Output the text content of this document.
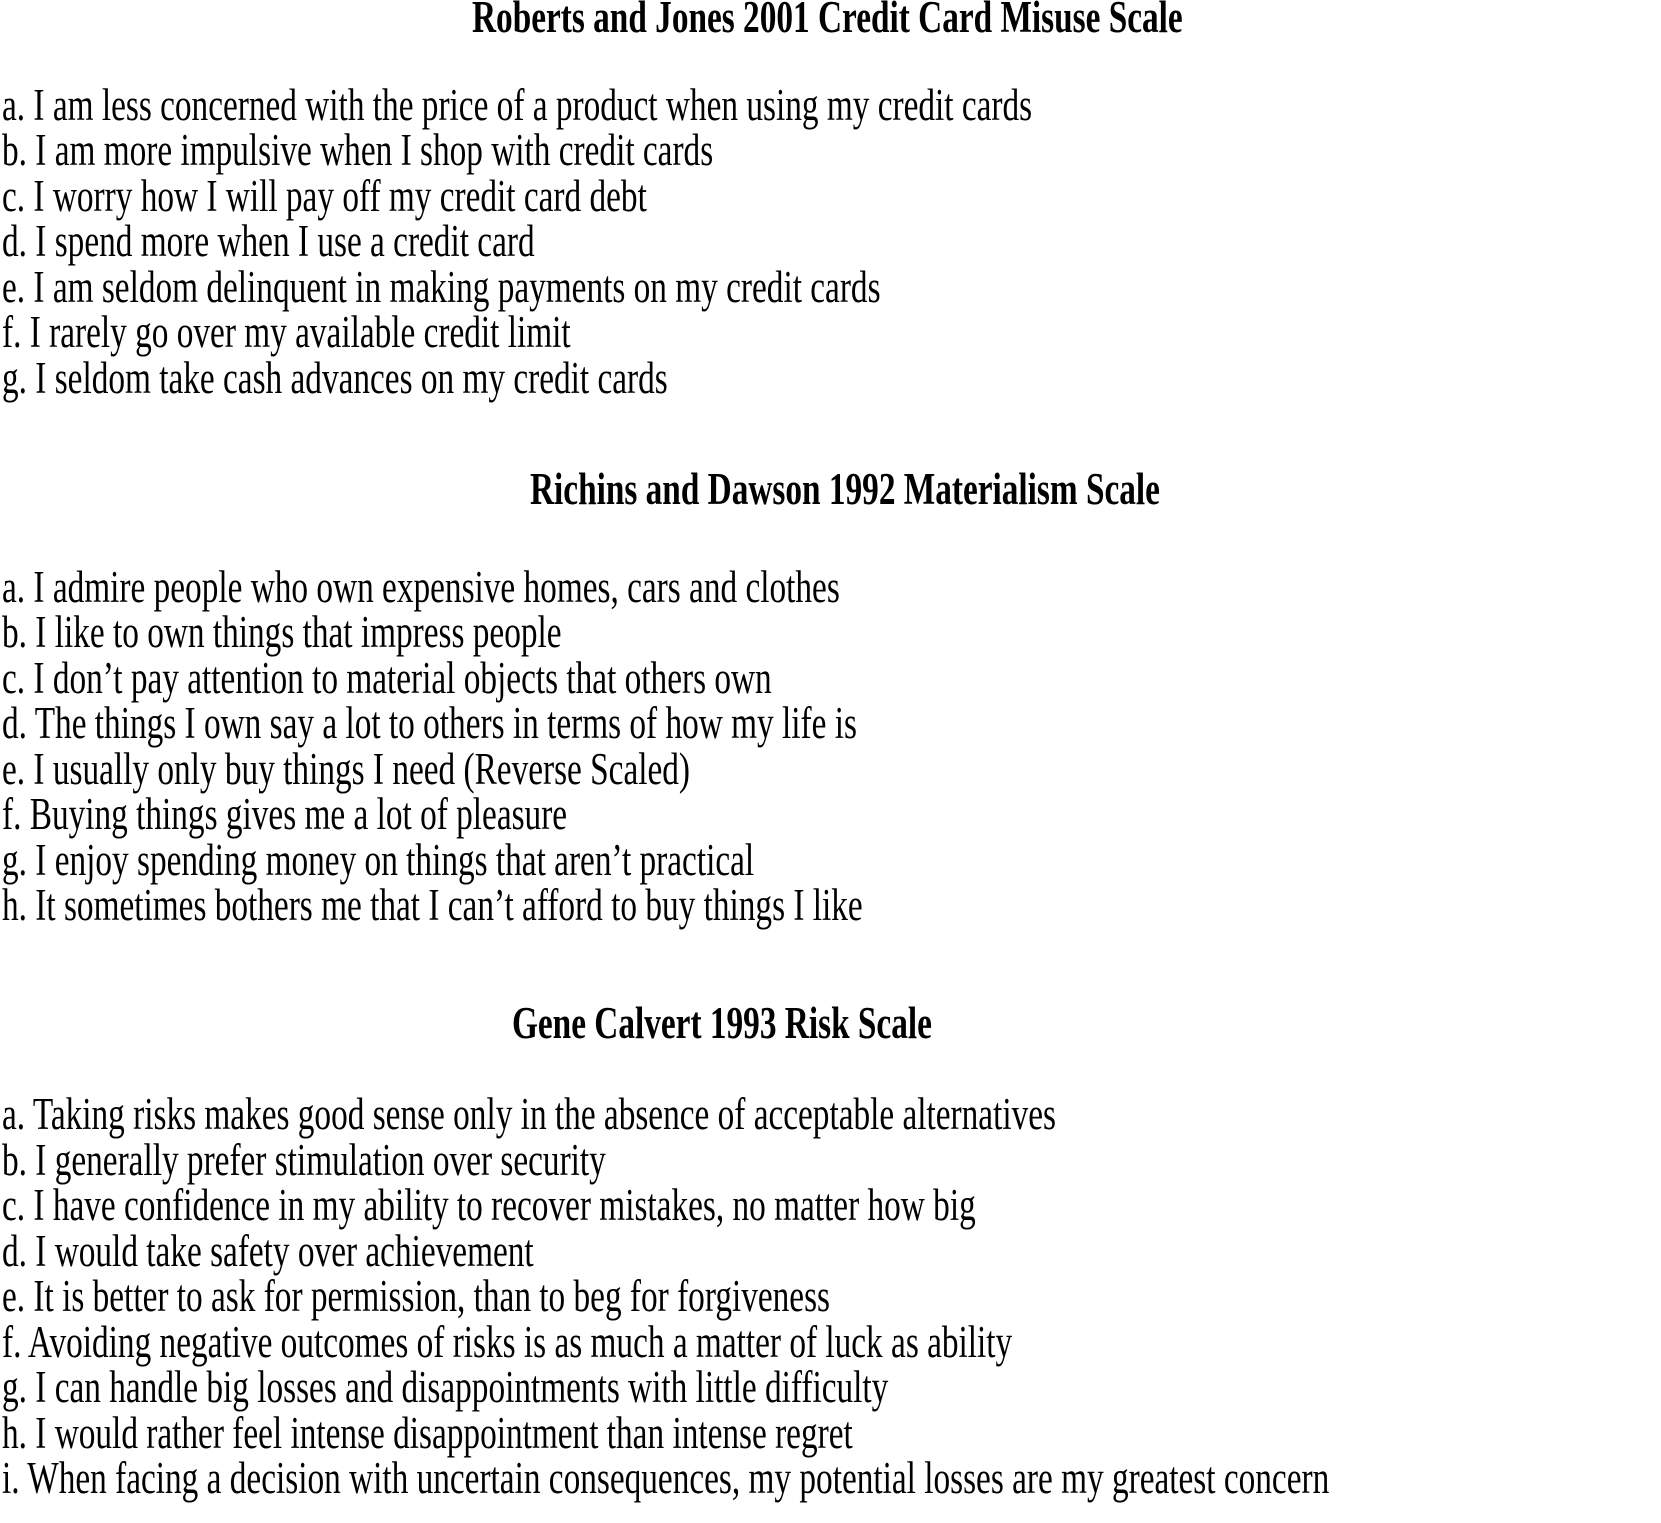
Roberts and Jones 2001 Credit Card Misuse Scale

a. I am less concerned with the price of a product when using my credit cards

b. I am more impulsive when I shop with credit cards

c. I worry how I will pay off my credit card debt

d. I spend more when I use a credit card

e. I am seldom delinquent in making payments on my credit cards

f. I rarely go over my available credit limit

g. I seldom take cash advances on my credit cards

Richins and Dawson 1992 Materialism Scale

a. I admire people who own expensive homes, cars and clothes

b. I like to own things that impress people

c. I don’t pay attention to material objects that others own

d. The things I own say a lot to others in terms of how my life is

e. I usually only buy things I need (Reverse Scaled)

f. Buying things gives me a lot of pleasure

g. I enjoy spending money on things that aren’t practical

h. It sometimes bothers me that I can’t afford to buy things I like

Gene Calvert 1993 Risk Scale

a. Taking risks makes good sense only in the absence of acceptable alternatives

b. I generally prefer stimulation over security

c. I have confidence in my ability to recover mistakes, no matter how big

d. I would take safety over achievement

e. It is better to ask for permission, than to beg for forgiveness

f. Avoiding negative outcomes of risks is as much a matter of luck as ability

g. I can handle big losses and disappointments with little difficulty

h. I would rather feel intense disappointment than intense regret

i. When facing a decision with uncertain consequences, my potential losses are my greatest concern
